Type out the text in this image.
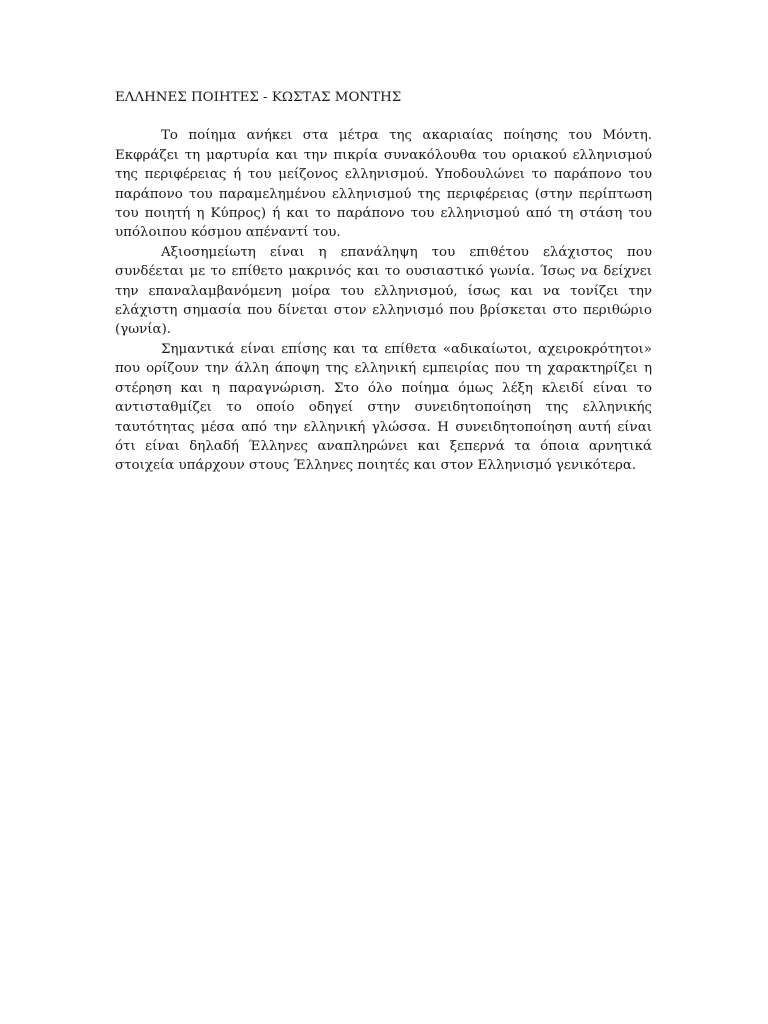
ΕΛΛΗΝΕΣ ΠΟΙΗΤΕΣ - ΚΩΣΤΑΣ ΜΟΝΤΗΣ

Το ποίημα ανήκει στα μέτρα της ακαριαίας ποίησης του Μόντη. Εκφράζει τη μαρτυρία και την πικρία συνακόλουθα του οριακού ελληνισμού της περιφέρειας ή του μείζονος ελληνισμού. Υποδουλώνει το παράπονο του παράπονο του παραμελημένου ελληνισμού της περιφέρειας (στην περίπτωση του ποιητή η Κύπρος) ή και το παράπονο του ελληνισμού από τη στάση του υπόλοιπου κόσμου απέναντί του.

Αξιοσημείωτη είναι η επανάληψη του επιθέτου ελάχιστος που συνδέεται με το επίθετο μακρινός και το ουσιαστικό γωνία. Ίσως να δείχνει την επαναλαμβανόμενη μοίρα του ελληνισμού, ίσως και να τονίζει την ελάχιστη σημασία που δίνεται στον ελληνισμό που βρίσκεται στο περιθώριο (γωνία).

Σημαντικά είναι επίσης και τα επίθετα «αδικαίωτοι, αχειροκρότητοι» που ορίζουν την άλλη άποψη της ελληνική εμπειρίας που τη χαρακτηρίζει η στέρηση και η παραγνώριση. Στο όλο ποίημα όμως λέξη κλειδί είναι το αντισταθμίζει το οποίο οδηγεί στην συνειδητοποίηση της ελληνικής ταυτότητας μέσα από την ελληνική γλώσσα. Η συνειδητοποίηση αυτή είναι ότι είναι δηλαδή Έλληνες αναπληρώνει και ξεπερνά τα όποια αρνητικά στοιχεία υπάρχουν στους Έλληνες ποιητές και στον Ελληνισμό γενικότερα.
